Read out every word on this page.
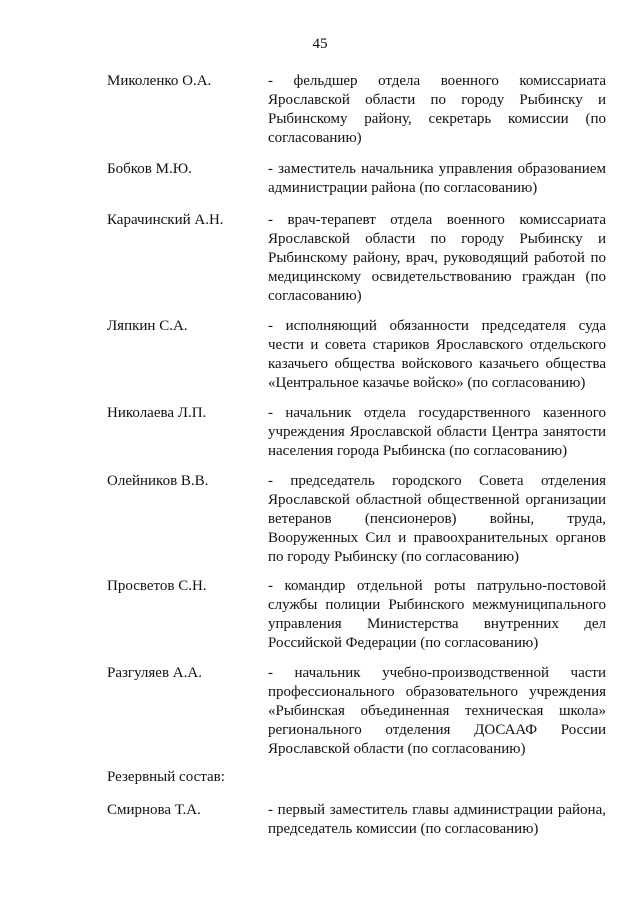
45
Миколенко О.А.	- фельдшер отдела военного комиссариата Ярославской области по городу Рыбинску и Рыбинскому району, секретарь комиссии (по согласованию)
Бобков М.Ю.	- заместитель начальника управления образованием администрации района (по согласованию)
Карачинский А.Н.	- врач-терапевт отдела военного комиссариата Ярославской области по городу Рыбинску и Рыбинскому району, врач, руководящий работой по медицинскому освидетельствованию граждан (по согласованию)
Ляпкин С.А.	- исполняющий обязанности председателя суда чести и совета стариков Ярославского отдельского казачьего общества войскового казачьего общества «Центральное казачье войско» (по согласованию)
Николаева Л.П.	- начальник отдела государственного казенного учреждения Ярославской области Центра занятости населения города Рыбинска (по согласованию)
Олейников В.В.	- председатель городского Совета отделения Ярославской областной общественной организации ветеранов (пенсионеров) войны, труда, Вооруженных Сил и правоохранительных органов по городу Рыбинску (по согласованию)
Просветов С.Н.	- командир отдельной роты патрульно-постовой службы полиции Рыбинского межмуниципального управления Министерства внутренних дел Российской Федерации (по согласованию)
Разгуляев А.А.	- начальник учебно-производственной части профессионального образовательного учреждения «Рыбинская объединенная техническая школа» регионального отделения ДОСААФ России Ярославской области (по согласованию)
Резервный состав:
Смирнова Т.А.	- первый заместитель главы администрации района, председатель комиссии (по согласованию)
